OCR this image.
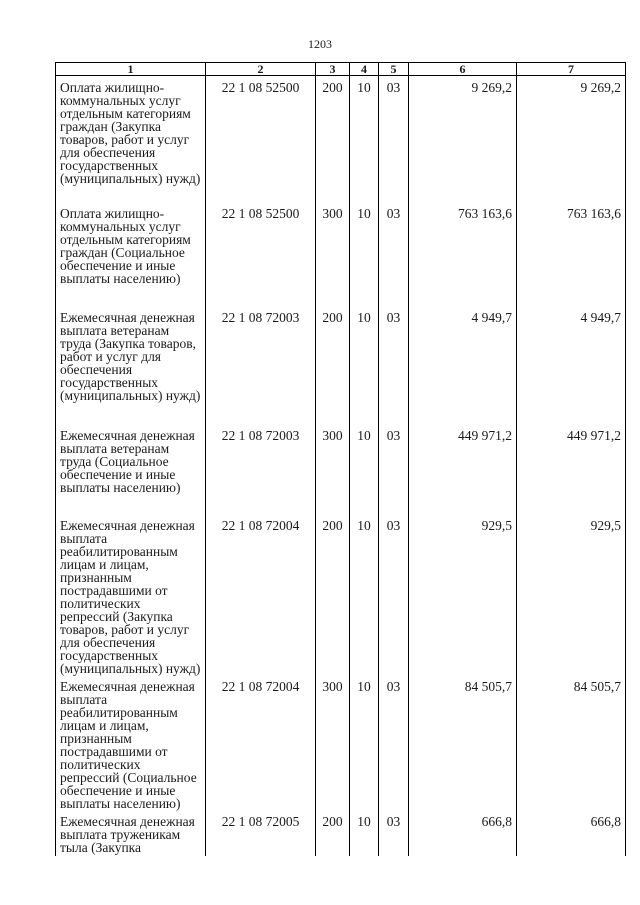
1203
1	2	3	4	5	6	7
Оплата жилищно-коммунальных услуг отдельным категориям граждан (Закупка товаров, работ и услуг для обеспечения государственных (муниципальных) нужд)	22 1 08 52500	200	10	03	9 269,2	9 269,2
Оплата жилищно-коммунальных услуг отдельным категориям граждан (Социальное обеспечение и иные выплаты населению)	22 1 08 52500	300	10	03	763 163,6	763 163,6
Ежемесячная денежная выплата ветеранам труда (Закупка товаров, работ и услуг для обеспечения государственных (муниципальных) нужд)	22 1 08 72003	200	10	03	4 949,7	4 949,7
Ежемесячная денежная выплата ветеранам труда (Социальное обеспечение и иные выплаты населению)	22 1 08 72003	300	10	03	449 971,2	449 971,2
Ежемесячная денежная выплата реабилитированным лицам и лицам, признанным пострадавшими от политических репрессий (Закупка товаров, работ и услуг для обеспечения государственных (муниципальных) нужд)	22 1 08 72004	200	10	03	929,5	929,5
Ежемесячная денежная выплата реабилитированным лицам и лицам, признанным пострадавшими от политических репрессий (Социальное обеспечение и иные выплаты населению)	22 1 08 72004	300	10	03	84 505,7	84 505,7
Ежемесячная денежная выплата труженикам тыла (Закупка	22 1 08 72005	200	10	03	666,8	666,8
